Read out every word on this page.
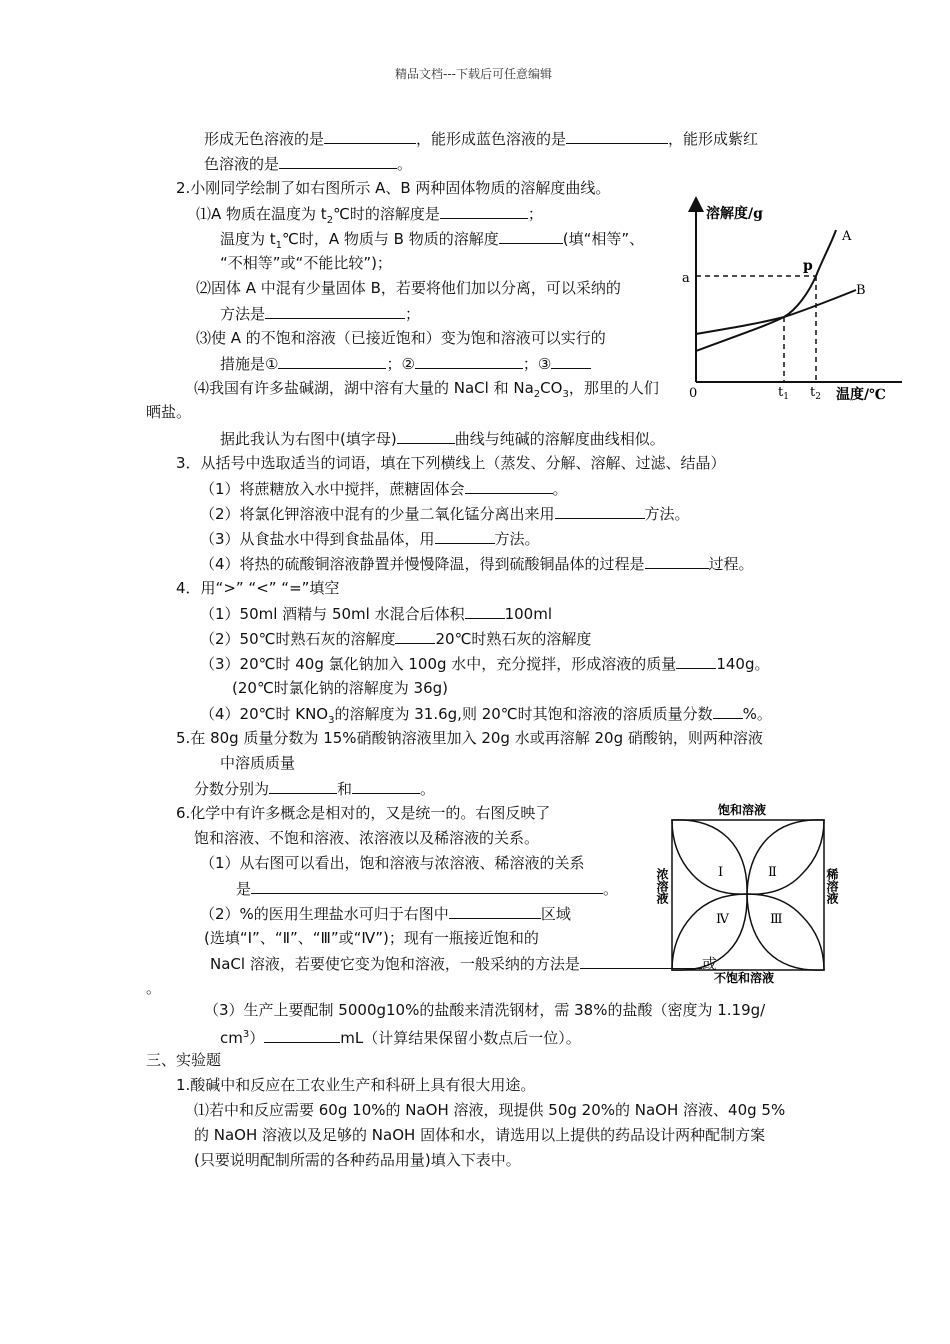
精品文档---下载后可任意编辑
形成无色溶液的是	，能形成蓝色溶液的是	，能形成紫红
色溶液的是	。
2.小刚同学绘制了如右图所示 A、B 两种固体物质的溶解度曲线。
⑴A 物质在温度为 $t_2℃$时的溶解度是	；
温度为 $t_1℃$时，A 物质与 B 物质的溶解度	(填“相等”、
“不相等”或“不能比较”)；
⑵固体 A 中混有少量固体 B，若要将他们加以分离，可以采纳的
方法是	；
⑶使 A 的不饱和溶液（已接近饱和）变为饱和溶液可以实行的
措施是①	；②	；③
⑷我国有许多盐碱湖，湖中溶有大量的 NaCl 和 $Na_2CO_3$，那里的人们
晒盐。
据此我认为右图中(填字母)	曲线与纯碱的溶解度曲线相似。
3．从括号中选取适当的词语，填在下列横线上（蒸发、分解、溶解、过滤、结晶）
（1）将蔗糖放入水中搅拌，蔗糖固体会	。
（2）将氯化钾溶液中混有的少量二氧化锰分离出来用	方法。
（3）从食盐水中得到食盐晶体，用	方法。
（4）将热的硫酸铜溶液静置并慢慢降温，得到硫酸铜晶体的过程是	过程。
4．用“>” “<” “=”填空
（1）50ml 酒精与 50ml 水混合后体积	100ml
（2）50℃时熟石灰的溶解度	20℃时熟石灰的溶解度
（3）20℃时 40g 氯化钠加入 100g 水中，充分搅拌，形成溶液的质量	140g。
(20℃时氯化钠的溶解度为 36g)
（4）20℃时 $KNO_3$的溶解度为 31.6g,则 20℃时其饱和溶液的溶质质量分数 %。
5.在 80g 质量分数为 15%硝酸钠溶液里加入 20g 水或再溶解 20g 硝酸钠，则两种溶液
中溶质质量
分数分别为	和	。
6.化学中有许多概念是相对的，又是统一的。右图反映了
饱和溶液、不饱和溶液、浓溶液以及稀溶液的关系。
（1）从右图可以看出，饱和溶液与浓溶液、稀溶液的关系
是	。
（2）%的医用生理盐水可归于右图中	区域
(选填“Ⅰ”、“Ⅱ”、“Ⅲ”或“Ⅳ”)；现有一瓶接近饱和的
NaCl 溶液，若要使它变为饱和溶液，一般采纳的方法是	或
。
（3）生产上要配制 5000g10%的盐酸来清洗钢材，需 38%的盐酸（密度为 1.19g/
$cm^3$）	mL（计算结果保留小数点后一位）。
三、实验题
1.酸碱中和反应在工农业生产和科研上具有很大用途。
⑴若中和反应需要 60g 10%的 NaOH 溶液，现提供 50g 20%的 NaOH 溶液、40g 5%
的 NaOH 溶液以及足够的 NaOH 固体和水，请选用以上提供的药品设计两种配制方案
(只要说明配制所需的各种药品用量)填入下表中。
溶解度/g
0	温度/℃
a
p
A
B
$t_1$ $t_2$
饱和溶液
不饱和溶液
浓溶液	稀溶液
Ⅰ	Ⅱ
Ⅲ
Ⅳ
